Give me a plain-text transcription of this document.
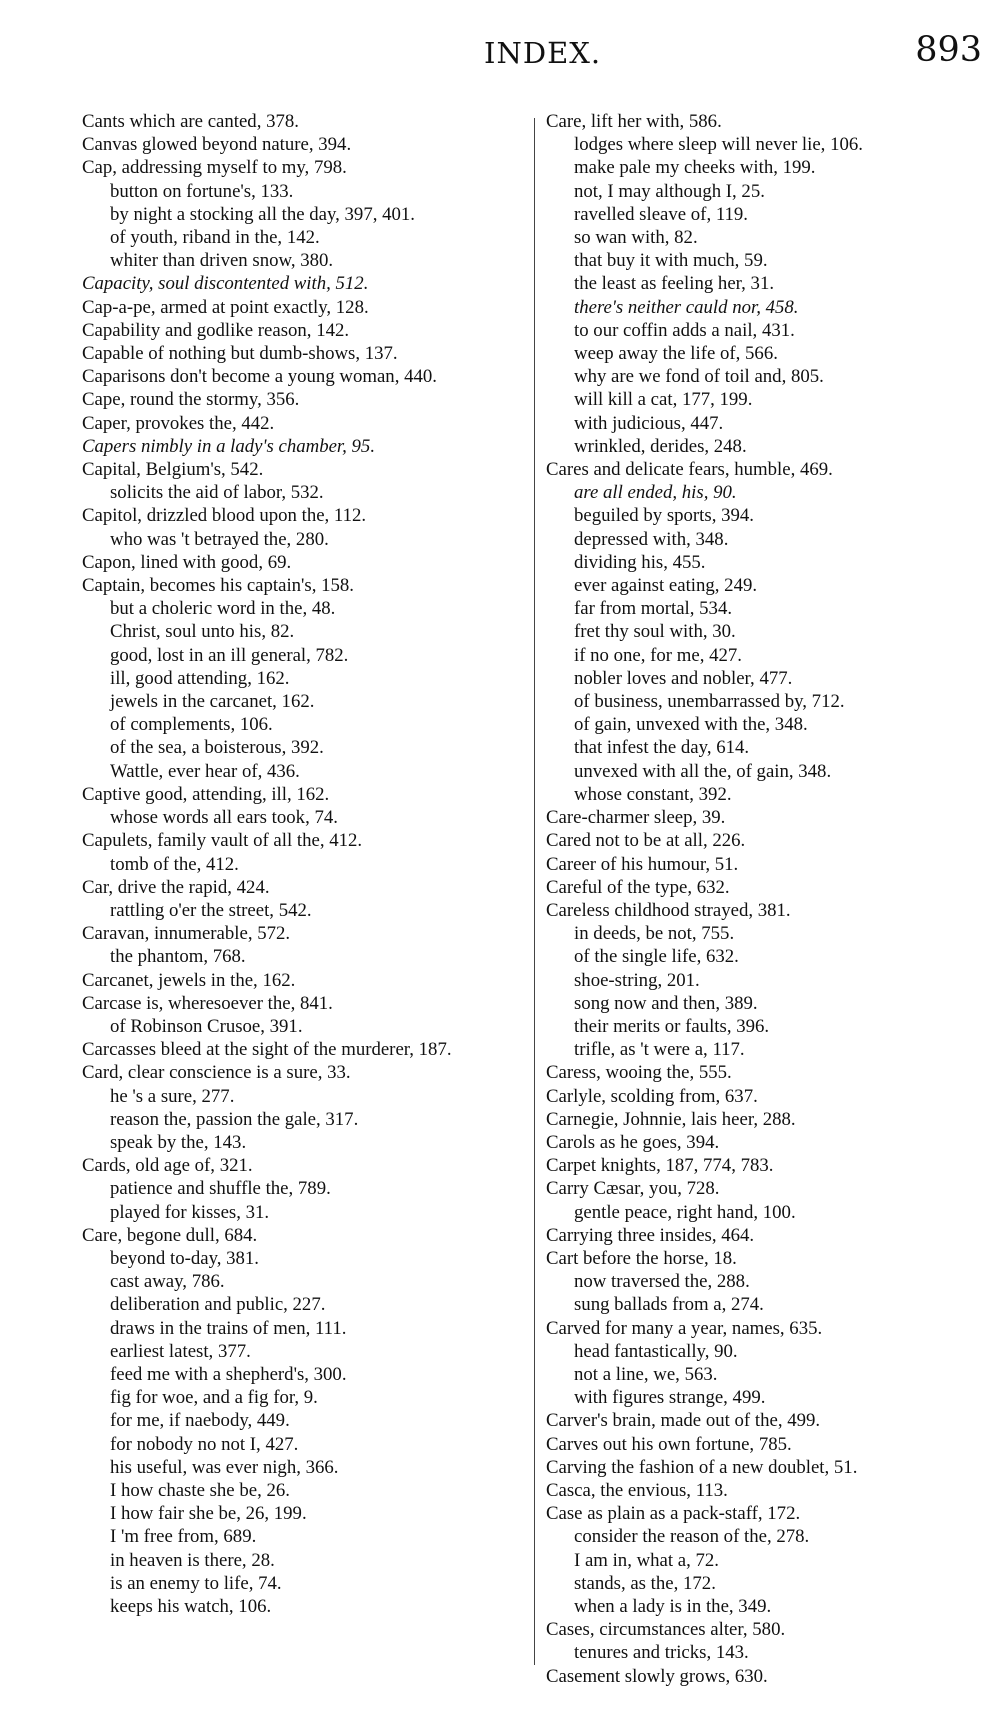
INDEX.	893
Cants which are canted, 378.
Canvas glowed beyond nature, 394.
Cap, addressing myself to my, 798.
button on fortune's, 133.
by night a stocking all the day, 397, 401.
of youth, riband in the, 142.
whiter than driven snow, 380.
Capacity, soul discontented with, 512.
Cap-a-pe, armed at point exactly, 128.
Capability and godlike reason, 142.
Capable of nothing but dumb-shows, 137.
Caparisons don't become a young woman, 440.
Cape, round the stormy, 356.
Caper, provokes the, 442.
Capers nimbly in a lady's chamber, 95.
Capital, Belgium's, 542.
solicits the aid of labor, 532.
Capitol, drizzled blood upon the, 112.
who was 't betrayed the, 280.
Capon, lined with good, 69.
Captain, becomes his captain's, 158.
but a choleric word in the, 48.
Christ, soul unto his, 82.
good, lost in an ill general, 782.
ill, good attending, 162.
jewels in the carcanet, 162.
of complements, 106.
of the sea, a boisterous, 392.
Wattle, ever hear of, 436.
Captive good, attending, ill, 162.
whose words all ears took, 74.
Capulets, family vault of all the, 412.
tomb of the, 412.
Car, drive the rapid, 424.
rattling o'er the street, 542.
Caravan, innumerable, 572.
the phantom, 768.
Carcanet, jewels in the, 162.
Carcase is, wheresoever the, 841.
of Robinson Crusoe, 391.
Carcasses bleed at the sight of the murderer, 187.
Card, clear conscience is a sure, 33.
he 's a sure, 277.
reason the, passion the gale, 317.
speak by the, 143.
Cards, old age of, 321.
patience and shuffle the, 789.
played for kisses, 31.
Care, begone dull, 684.
beyond to-day, 381.
cast away, 786.
deliberation and public, 227.
draws in the trains of men, 111.
earliest latest, 377.
feed me with a shepherd's, 300.
fig for woe, and a fig for, 9.
for me, if naebody, 449.
for nobody no not I, 427.
his useful, was ever nigh, 366.
I how chaste she be, 26.
I how fair she be, 26, 199.
I 'm free from, 689.
in heaven is there, 28.
is an enemy to life, 74.
keeps his watch, 106.
Care, lift her with, 586.
lodges where sleep will never lie, 106.
make pale my cheeks with, 199.
not, I may although I, 25.
ravelled sleave of, 119.
so wan with, 82.
that buy it with much, 59.
the least as feeling her, 31.
there's neither cauld nor, 458.
to our coffin adds a nail, 431.
weep away the life of, 566.
why are we fond of toil and, 805.
will kill a cat, 177, 199.
with judicious, 447.
wrinkled, derides, 248.
Cares and delicate fears, humble, 469.
are all ended, his, 90.
beguiled by sports, 394.
depressed with, 348.
dividing his, 455.
ever against eating, 249.
far from mortal, 534.
fret thy soul with, 30.
if no one, for me, 427.
nobler loves and nobler, 477.
of business, unembarrassed by, 712.
of gain, unvexed with the, 348.
that infest the day, 614.
unvexed with all the, of gain, 348.
whose constant, 392.
Care-charmer sleep, 39.
Cared not to be at all, 226.
Career of his humour, 51.
Careful of the type, 632.
Careless childhood strayed, 381.
in deeds, be not, 755.
of the single life, 632.
shoe-string, 201.
song now and then, 389.
their merits or faults, 396.
trifle, as 't were a, 117.
Caress, wooing the, 555.
Carlyle, scolding from, 637.
Carnegie, Johnnie, lais heer, 288.
Carols as he goes, 394.
Carpet knights, 187, 774, 783.
Carry Cæsar, you, 728.
gentle peace, right hand, 100.
Carrying three insides, 464.
Cart before the horse, 18.
now traversed the, 288.
sung ballads from a, 274.
Carved for many a year, names, 635.
head fantastically, 90.
not a line, we, 563.
with figures strange, 499.
Carver's brain, made out of the, 499.
Carves out his own fortune, 785.
Carving the fashion of a new doublet, 51.
Casca, the envious, 113.
Case as plain as a pack-staff, 172.
consider the reason of the, 278.
I am in, what a, 72.
stands, as the, 172.
when a lady is in the, 349.
Cases, circumstances alter, 580.
tenures and tricks, 143.
Casement slowly grows, 630.
